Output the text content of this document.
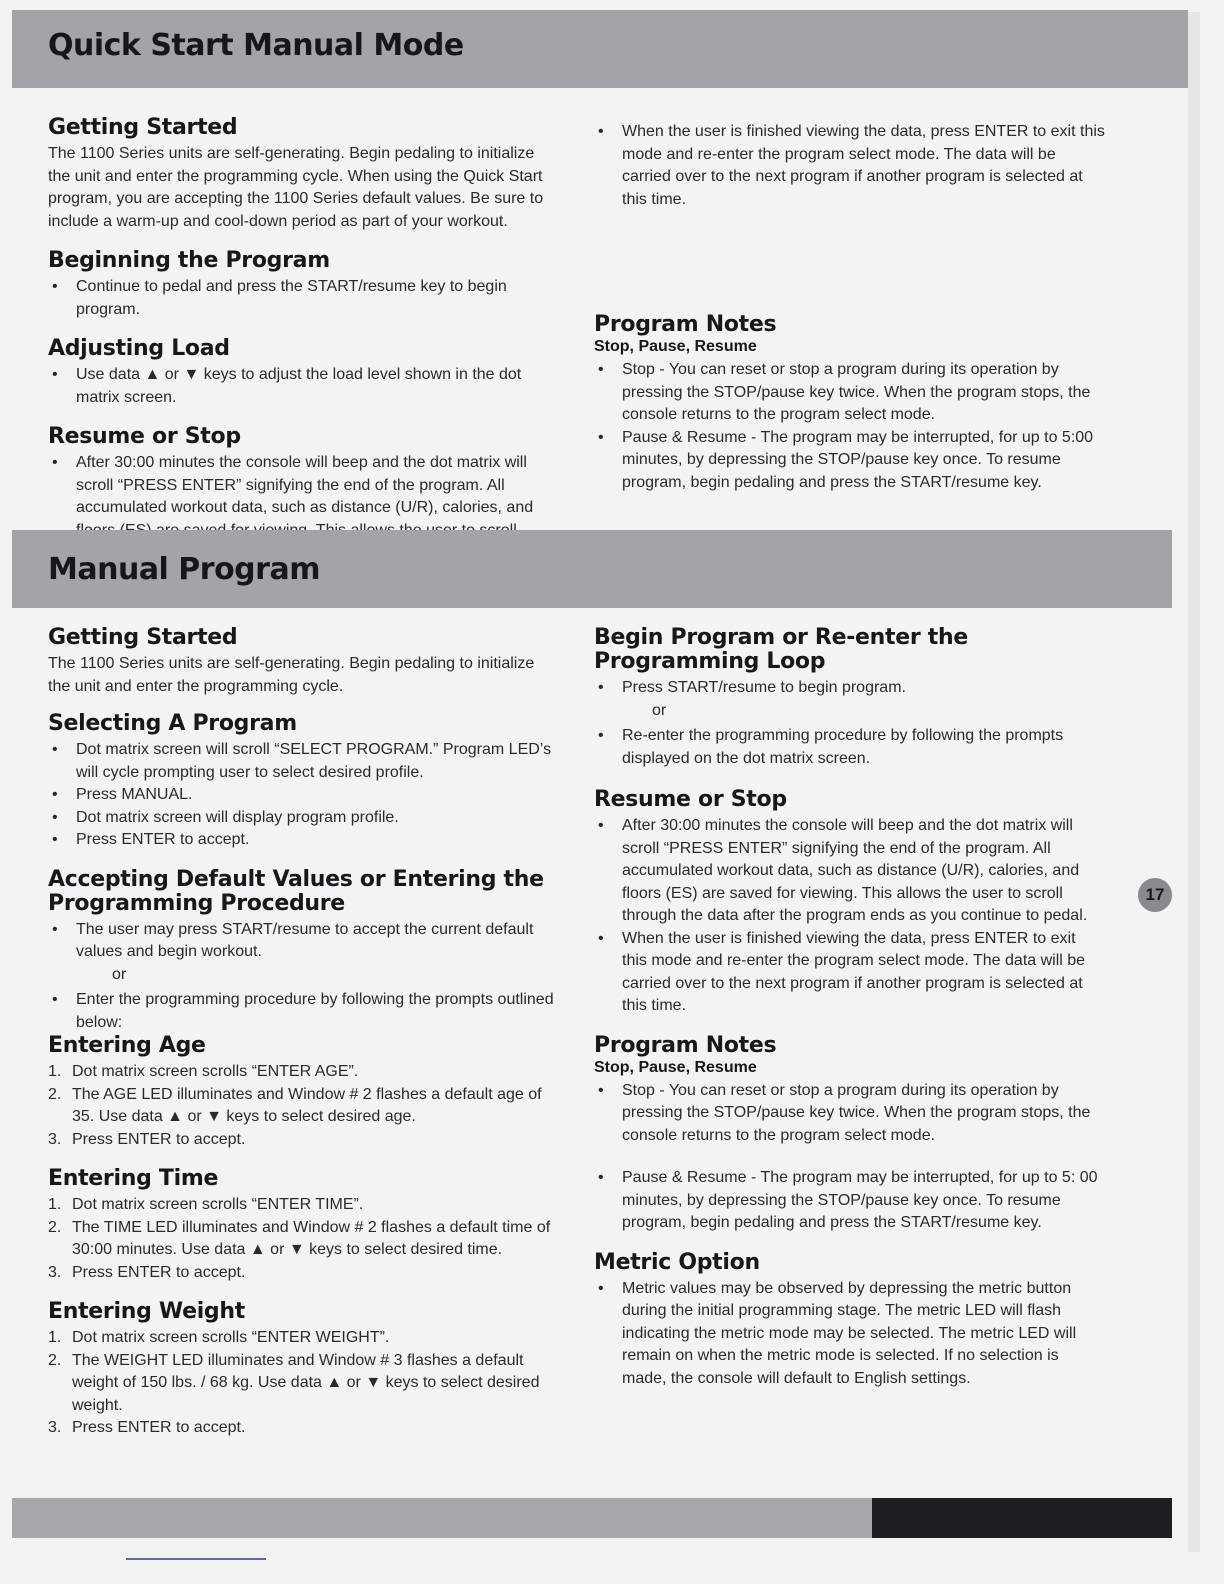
Quick Start Manual Mode
Getting Started

The 1100 Series units are self-generating. Begin pedaling to initialize the unit and enter the programming cycle. When using the Quick Start program, you are accepting the 1100 Series default values. Be sure to include a warm-up and cool-down period as part of your workout.

Beginning the Program
• Continue to pedal and press the START/resume key to begin program.
Adjusting Load
• Use data ▲ or ▼ keys to adjust the load level shown in the dot matrix screen.
Resume or Stop
• After 30:00 minutes the console will beep and the dot matrix will scroll “PRESS ENTER” signifying the end of the program. All accumulated workout data, such as distance (U/R), calories, and
• When the user is finished viewing the data, press ENTER to exit this mode and re-enter the program select mode. The data will be carried over to the next program if another program is selected at this time.
Program Notes
Stop, Pause, Resume
• Stop - You can reset or stop a program during its operation by pressing the STOP/pause key twice. When the program stops, the console returns to the program select mode.
• Pause & Resume - The program may be interrupted, for up to 5:00 minutes, by depressing the STOP/pause key once. To resume program, begin pedaling and press the START/resume key.
Manual Program
Getting Started

The 1100 Series units are self-generating. Begin pedaling to initialize the unit and enter the programming cycle.

Selecting A Program
• Dot matrix screen will scroll “SELECT PROGRAM.” Program LED’s will cycle prompting user to select desired profile.
• Press MANUAL.
• Dot matrix screen will display program profile.
• Press ENTER to accept.
Accepting Default Values or Entering the Programming Procedure
• The user may press START/resume to accept the current default values and begin workout.
or
• Enter the programming procedure by following the prompts outlined below:
Entering Age
1. Dot matrix screen scrolls “ENTER AGE”.
2. The AGE LED illuminates and Window # 2 flashes a default age of 35. Use data ▲ or ▼ keys to select desired age.
3. Press ENTER to accept.
Entering Time
1. Dot matrix screen scrolls “ENTER TIME”.
2. The TIME LED illuminates and Window # 2 flashes a default time of 30:00 minutes. Use data ▲ or ▼ keys to select desired time.
3. Press ENTER to accept.
Entering Weight
1. Dot matrix screen scrolls “ENTER WEIGHT”.
2. The WEIGHT LED illuminates and Window # 3 flashes a default weight of 150 lbs. / 68 kg. Use data ▲ or ▼ keys to select desired weight.
3. Press ENTER to accept.
Begin Program or Re-enter the Programming Loop
• Press START/resume to begin program.
or
• Re-enter the programming procedure by following the prompts displayed on the dot matrix screen.
Resume or Stop
• After 30:00 minutes the console will beep and the dot matrix will scroll “PRESS ENTER” signifying the end of the program. All accumulated workout data, such as distance (U/R), calories, and floors (ES) are saved for viewing. This allows the user to scroll through the data after the program ends as you continue to pedal.
• When the user is finished viewing the data, press ENTER to exit this mode and re-enter the program select mode. The data will be carried over to the next program if another program is selected at this time.
Program Notes
Stop, Pause, Resume
• Stop - You can reset or stop a program during its operation by pressing the STOP/pause key twice. When the program stops, the console returns to the program select mode.
• Pause & Resume - The program may be interrupted, for up to 5: 00 minutes, by depressing the STOP/pause key once. To resume program, begin pedaling and press the START/resume key.
Metric Option
• Metric values may be observed by depressing the metric button during the initial programming stage. The metric LED will flash indicating the metric mode may be selected. The metric LED will remain on when the metric mode is selected. If no selection is made, the console will default to English settings.
17
